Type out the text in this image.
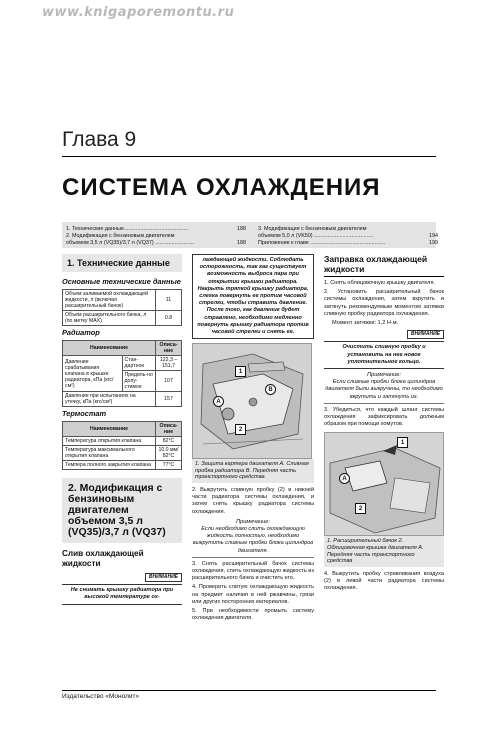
www.knigaporemontu.ru
Глава 9
СИСТЕМА ОХЛАЖДЕНИЯ
1. Технические данные...........................................	188
2. Модификация с бензиновым двигателем
объемом 3,5 л (VQ35)/3,7 л (VQ37) ..........................	188
3. Модификация с бензиновым двигателем
объемом 5,0 л (VK50) ........................................	194
Приложение к главе ..................................................	199
1. Технические данные
Основные технические данные
Объем заливаемой охлаждающей жидкости, л (включая расширительный бачок)	11
Объем расширительного бачка, л (по метку MAX)	0.8
Радиатор
Наименование		Описа-ние
Давление срабатывания клапана в крышке радиатора, кПа (кгс/см²)	Стан-дартное	122,3 – 151,7
	Предель-но допу-стимое	107
Давление при испытаниях на утечку, кПа (кгс/см²)		157
Термостат
Наименование	Описа-ние
Температура открытия клапана	82°C
Температура максимального открытия клапана	10.0 мм/ 82°C
Темпера полного закрытия клапана	77°C
2. Модификация с бензиновым двигателем объемом 3,5 л (VQ35)/3,7 л (VQ37)
Слив охлаждающей жидкости
ВНИМАНИЕ
Не снимать крышку радиатора при высокой температуре ох-
лаждающей жидкости. Соблюдать осторожность, так как существует возможность выброса пара при открытии крышки радиатора. Накрыть тряпкой крышку радиатора, слегка повернуть ее против часовой стрелки, чтобы стравить давление. После того, как давление будет стравлено, необходимо медленно повернуть крышку радиатора против часовой стрелки и снять ее.
1
A
2
B
1. Защита картера двигателя A. Сливная пробка радиатора B. Передняя часть транспортного средства

2. Выкрутить сливную пробку (2) в нижней части радиатора системы охлаждения, и затем снять крышку радиатора системы охлаждения.

Примечание:
Если необходимо слить охлаждающую жидкость полностью, необходимо выкрутить сливные пробки блока цилиндров двигателя.

3. Снять расширительный бачок системы охлаждения, слить охлаждающую жидкость из расширительного бачка и очистить его.

4. Проверить слитую охлаждающую жидкость на предмет наличия в ней ржавчины, грязи или других посторонних материалов.

5. При необходимости промыть систему охлаждения двигателя.

Заправка охлаждающей жидкости

1. Снять облицовочную крышку двигателя.

2. Установить расширительный бачок системы охлаждения, затем вкрутить и затянуть рекомендуемым моментом затяжки сливную пробку радиатора охлаждения.

Момент затяжки: 1,2 Н·м.

ВНИМАНИЕ
Очистить сливную пробку и установить на нее новое уплотнительное кольцо.
Примечание:
Если сливные пробки блока цилиндров двигателя были выкручены, то необходимо вкрутить и затянуть их.

3. Убедиться, что каждый шланг системы охлаждения зафиксировать должным образом при помощи хомутов.

1
A
2
1. Расширительный бачок 2. Облицовочная крышка двигателя A. Передняя часть транспортного средства

4. Выкрутить пробку стравливания воздуха (2) в левой части радиатора системы охлаждения.

Издательство «Монолит»
